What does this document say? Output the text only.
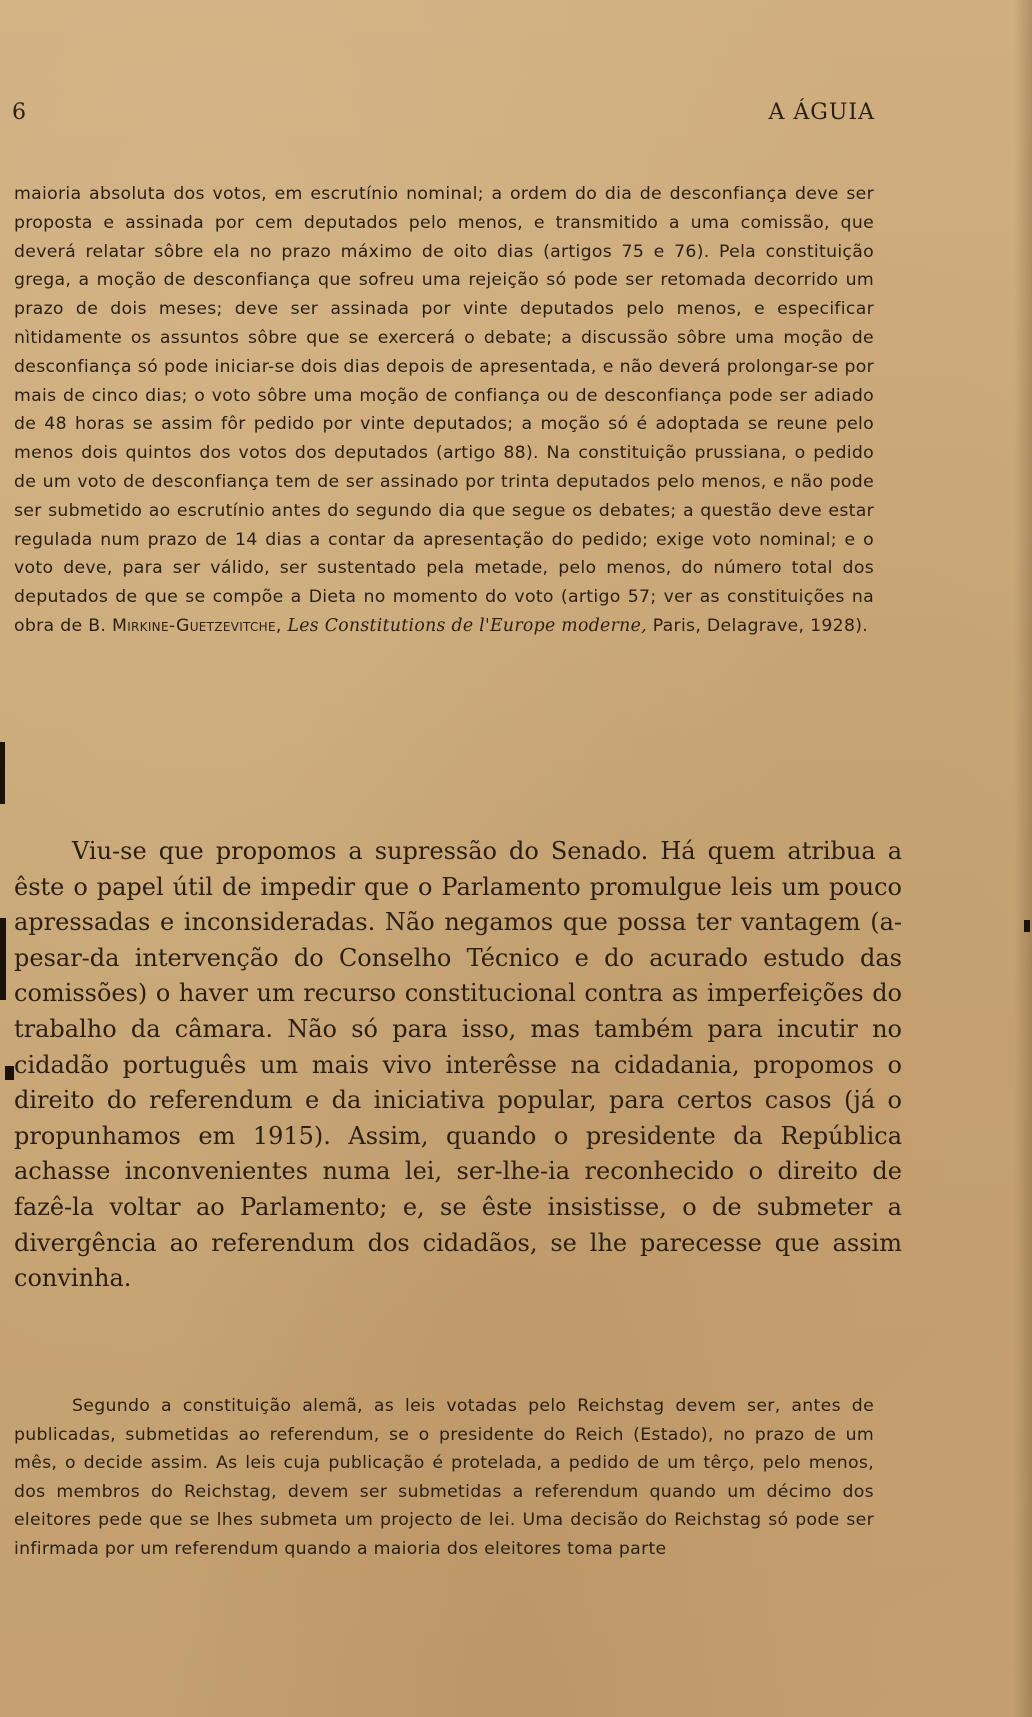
6	A ÁGUIA

maioria absoluta dos votos, em escrutínio nominal; a ordem do dia de desconfiança deve ser proposta e assinada por cem deputados pelo menos, e transmitido a uma comissão, que deverá relatar sôbre ela no prazo máximo de oito dias (artigos 75 e 76). Pela constituição grega, a moção de desconfiança que sofreu uma rejeição só pode ser retomada decorrido um prazo de dois meses; deve ser assinada por vinte deputados pelo menos, e especificar nìtidamente os assuntos sôbre que se exercerá o debate; a discussão sôbre uma moção de desconfiança só pode iniciar-se dois dias depois de apresentada, e não deverá prolongar-se por mais de cinco dias; o voto sôbre uma moção de confiança ou de desconfiança pode ser adiado de 48 horas se assim fôr pedido por vinte deputados; a moção só é adoptada se reune pelo menos dois quintos dos votos dos deputados (artigo 88). Na constituição prussiana, o pedido de um voto de desconfiança tem de ser assinado por trinta deputados pelo menos, e não pode ser submetido ao escrutínio antes do segundo dia que segue os debates; a questão deve estar regulada num prazo de 14 dias a contar da apresentação do pedido; exige voto nominal; e o voto deve, para ser válido, ser sustentado pela metade, pelo menos, do número total dos deputados de que se compõe a Dieta no momento do voto (artigo 57; ver as constituições na obra de B. Mirkine-Guetzevitche, Les Constitutions de l'Europe moderne, Paris, Delagrave, 1928).

Viu-se que propomos a supressão do Senado. Há quem atribua a êste o papel útil de impedir que o Parlamento promulgue leis um pouco apressadas e inconsideradas. Não negamos que possa ter vantagem (a-pesar-da intervenção do Conselho Técnico e do acurado estudo das comissões) o haver um recurso constitucional contra as imperfeições do trabalho da câmara. Não só para isso, mas também para incutir no cidadão português um mais vivo interêsse na cidadania, propomos o direito do referendum e da iniciativa popular, para certos casos (já o propunhamos em 1915). Assim, quando o presidente da República achasse inconvenientes numa lei, ser-lhe-ia reconhecido o direito de fazê-la voltar ao Parlamento; e, se êste insistisse, o de submeter a divergência ao referendum dos cidadãos, se lhe parecesse que assim convinha.

Segundo a constituição alemã, as leis votadas pelo Reichstag devem ser, antes de publicadas, submetidas ao referendum, se o presidente do Reich (Estado), no prazo de um mês, o decide assim. As leis cuja publicação é protelada, a pedido de um têrço, pelo menos, dos membros do Reichstag, devem ser submetidas a referendum quando um décimo dos eleitores pede que se lhes submeta um projecto de lei. Uma decisão do Reichstag só pode ser infirmada por um referendum quando a maioria dos eleitores toma parte
